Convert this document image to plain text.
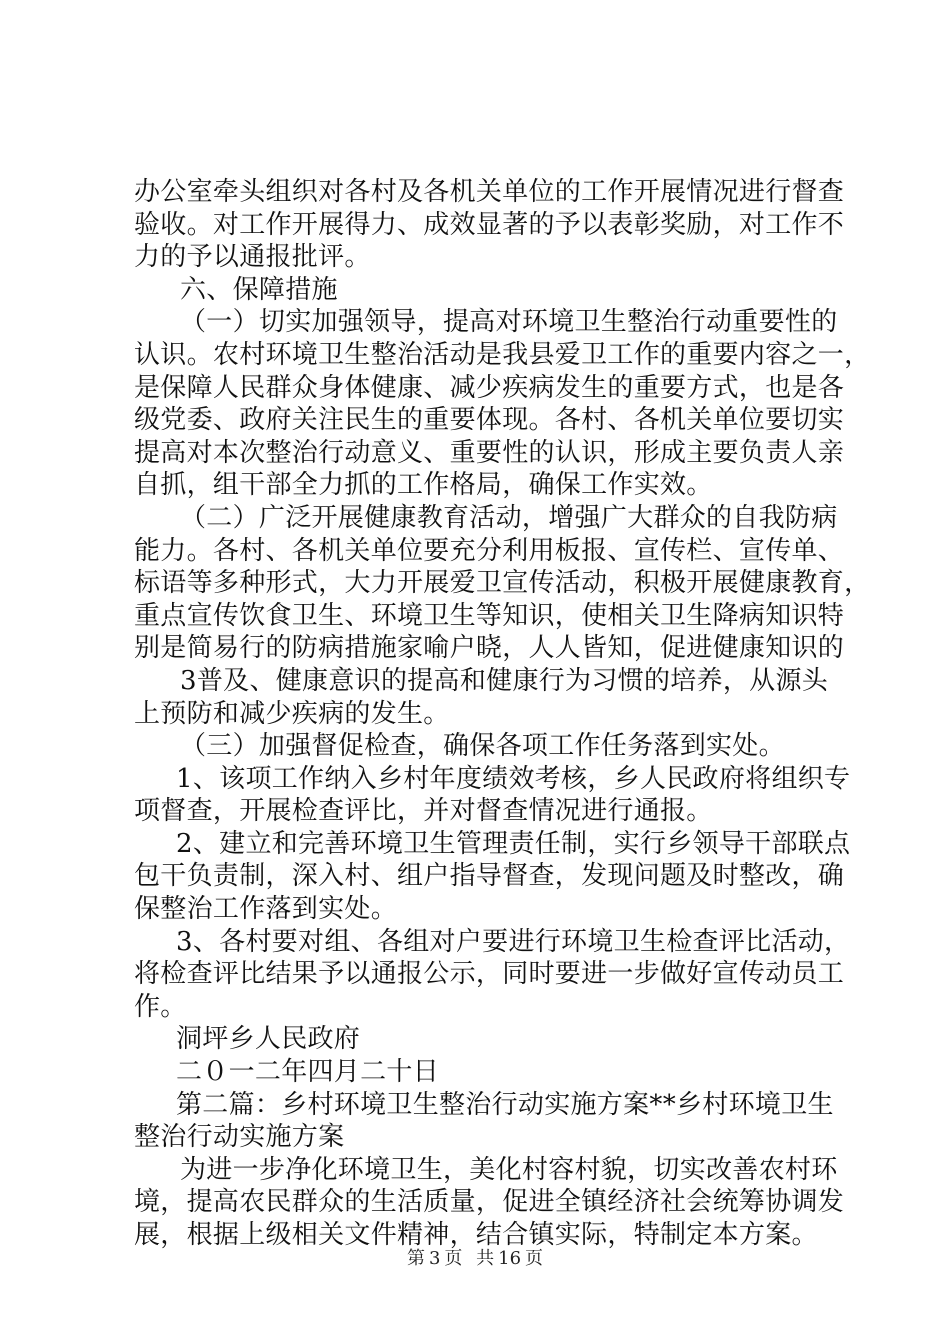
办公室牵头组织对各村及各机关单位的工作开展情况进行督查
验收。对工作开展得力、成效显著的予以表彰奖励，对工作不
力的予以通报批评。
六、保障措施
（一）切实加强领导，提高对环境卫生整治行动重要性的
认识。农村环境卫生整治活动是我县爱卫工作的重要内容之一，
是保障人民群众身体健康、减少疾病发生的重要方式，也是各
级党委、政府关注民生的重要体现。各村、各机关单位要切实
提高对本次整治行动意义、重要性的认识，形成主要负责人亲
自抓，组干部全力抓的工作格局，确保工作实效。
（二）广泛开展健康教育活动，增强广大群众的自我防病
能力。各村、各机关单位要充分利用板报、宣传栏、宣传单、
标语等多种形式，大力开展爱卫宣传活动，积极开展健康教育，
重点宣传饮食卫生、环境卫生等知识，使相关卫生降病知识特
别是简易行的防病措施家喻户晓，人人皆知，促进健康知识的
3普及、健康意识的提高和健康行为习惯的培养，从源头
上预防和减少疾病的发生。
（三）加强督促检查，确保各项工作任务落到实处。
1、该项工作纳入乡村年度绩效考核，乡人民政府将组织专
项督查，开展检查评比，并对督查情况进行通报。
2、建立和完善环境卫生管理责任制，实行乡领导干部联点
包干负责制，深入村、组户指导督查，发现问题及时整改，确
保整治工作落到实处。
3、各村要对组、各组对户要进行环境卫生检查评比活动，
将检查评比结果予以通报公示，同时要进一步做好宣传动员工
作。
洞坪乡人民政府
二０一二年四月二十日
第二篇：乡村环境卫生整治行动实施方案**乡村环境卫生
整治行动实施方案
为进一步净化环境卫生，美化村容村貌，切实改善农村环
境，提高农民群众的生活质量，促进全镇经济社会统筹协调发
展，根据上级相关文件精神，结合镇实际，特制定本方案。
第 3 页 共 16 页
